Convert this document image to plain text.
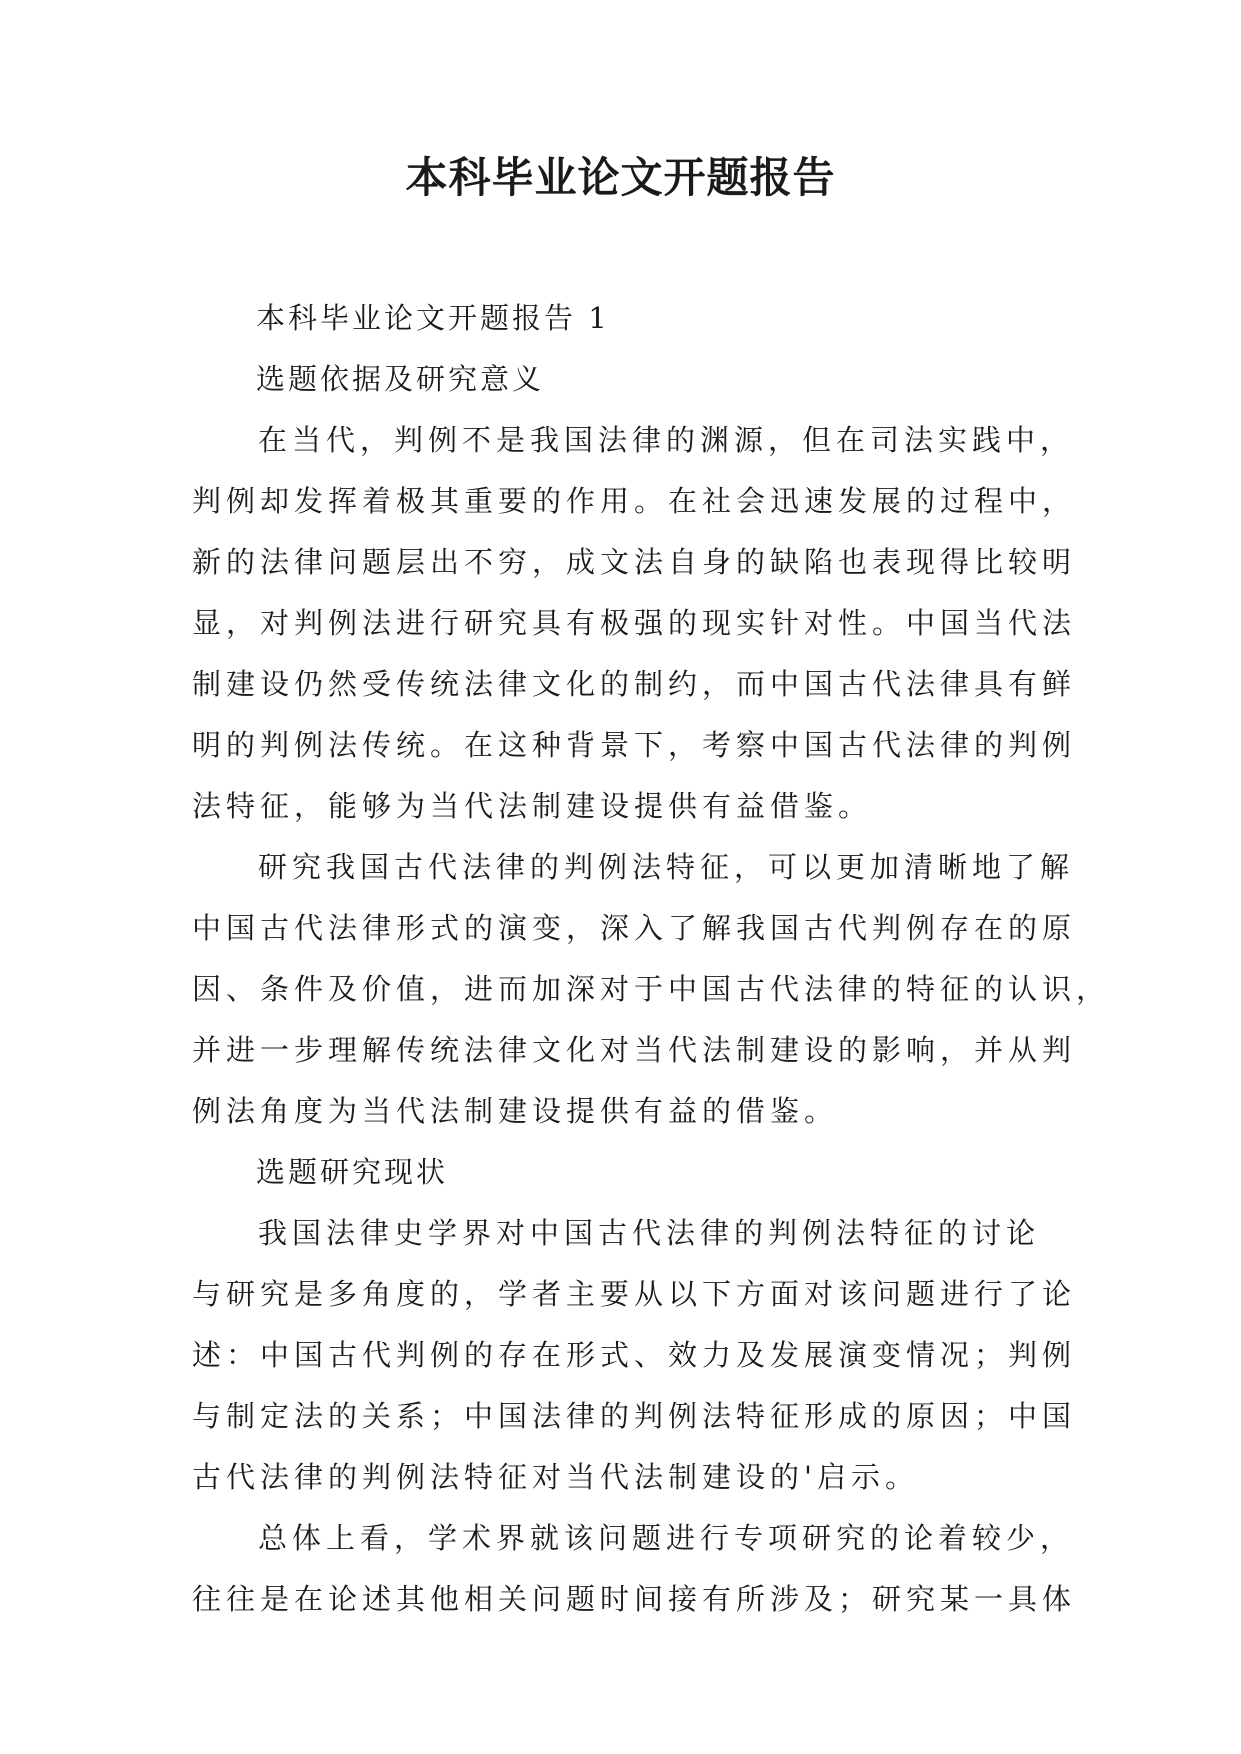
本科毕业论文开题报告
本科毕业论文开题报告 1
选题依据及研究意义
在当代，判例不是我国法律的渊源，但在司法实践中，
判例却发挥着极其重要的作用。在社会迅速发展的过程中，
新的法律问题层出不穷，成文法自身的缺陷也表现得比较明
显，对判例法进行研究具有极强的现实针对性。中国当代法
制建设仍然受传统法律文化的制约，而中国古代法律具有鲜
明的判例法传统。在这种背景下，考察中国古代法律的判例
法特征，能够为当代法制建设提供有益借鉴。
研究我国古代法律的判例法特征，可以更加清晰地了解
中国古代法律形式的演变，深入了解我国古代判例存在的原
因、条件及价值，进而加深对于中国古代法律的特征的认识，
并进一步理解传统法律文化对当代法制建设的影响，并从判
例法角度为当代法制建设提供有益的借鉴。
选题研究现状
我国法律史学界对中国古代法律的判例法特征的讨论
与研究是多角度的，学者主要从以下方面对该问题进行了论
述：中国古代判例的存在形式、效力及发展演变情况；判例
与制定法的关系；中国法律的判例法特征形成的原因；中国
古代法律的判例法特征对当代法制建设的'启示。
总体上看，学术界就该问题进行专项研究的论着较少，
往往是在论述其他相关问题时间接有所涉及；研究某一具体
